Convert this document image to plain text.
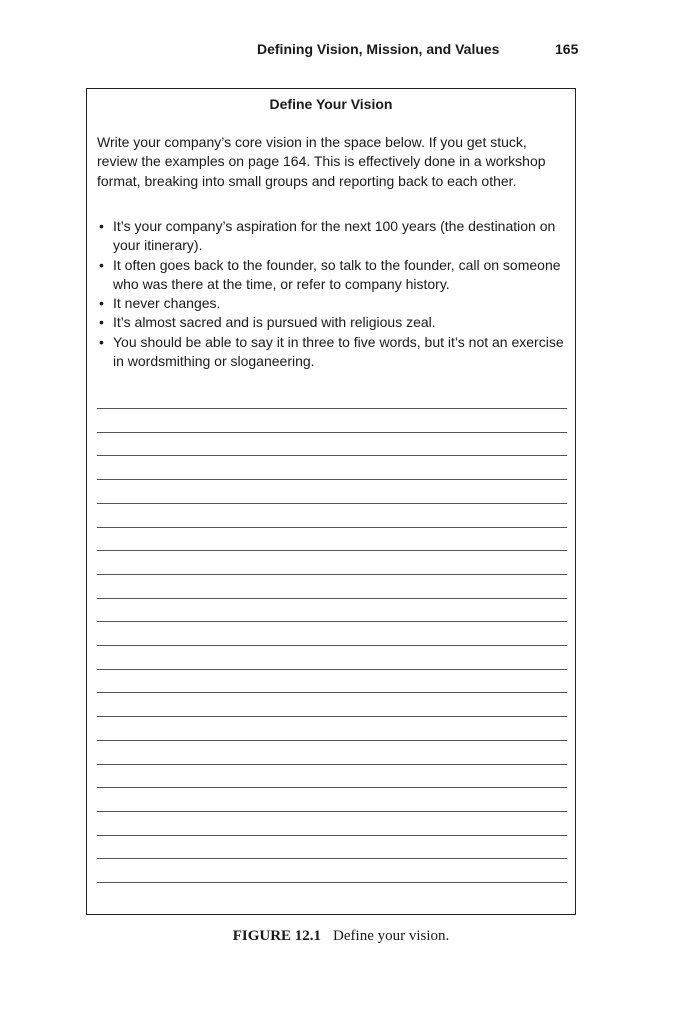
Defining Vision, Mission, and Values	165
Define Your Vision

Write your company’s core vision in the space below. If you get stuck, review the examples on page 164. This is effectively done in a workshop format, breaking into small groups and reporting back to each other.

• It’s your company’s aspiration for the next 100 years (the destination on your itinerary).
• It often goes back to the founder, so talk to the founder, call on someone who was there at the time, or refer to company history.
• It never changes.
• It’s almost sacred and is pursued with religious zeal.
• You should be able to say it in three to five words, but it’s not an exercise in wordsmithing or sloganeering.
FIGURE 12.1 Define your vision.
